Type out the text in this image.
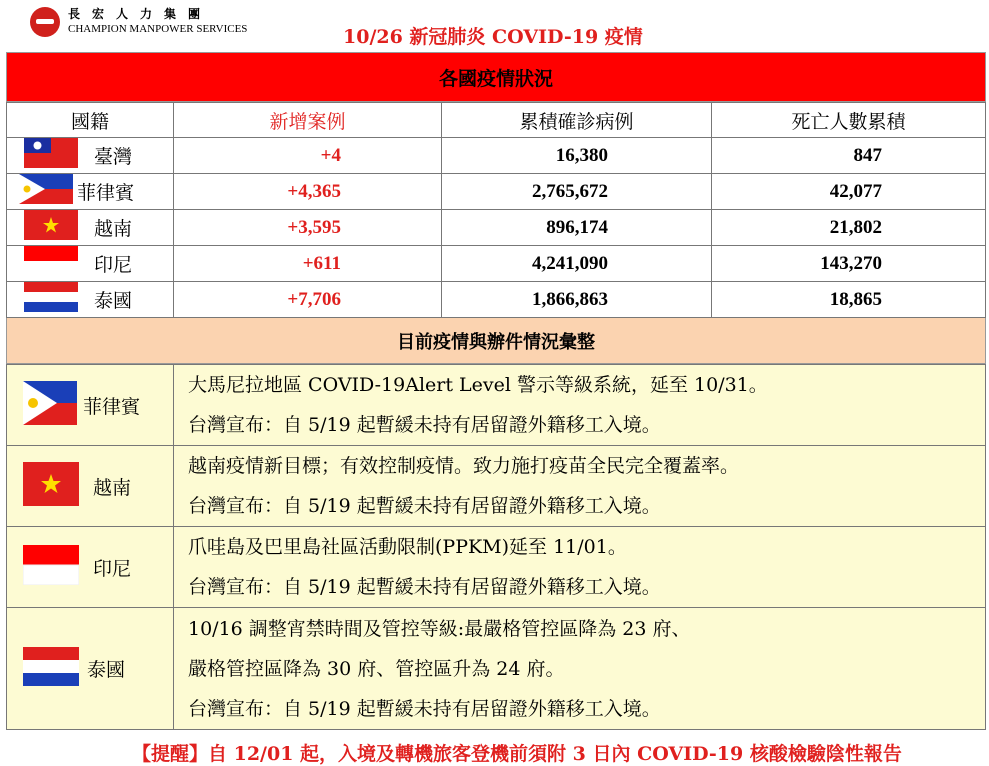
長宏人力集團
CHAMPION MANPOWER SERVICES	10/26 新冠肺炎 COVID-19 疫情
各國疫情狀況
國籍	新增案例	累積確診病例	死亡人數累積

臺灣	+4	16,380	847

菲律賓	+4,365	2,765,672	42,077

越南	+3,595	896,174	21,802

印尼	+611	4,241,090	143,270

泰國	+7,706	1,866,863	18,865
目前疫情與辦件情況彙整
菲律賓	大馬尼拉地區 COVID-19Alert Level 警示等級系統，延至 10/31。
台灣宣布：自 5/19 起暫緩未持有居留證外籍移工入境。

越南	越南疫情新目標；有效控制疫情。致力施打疫苗全民完全覆蓋率。
台灣宣布：自 5/19 起暫緩未持有居留證外籍移工入境。

印尼	爪哇島及巴里島社區活動限制(PPKM)延至 11/01。
台灣宣布：自 5/19 起暫緩未持有居留證外籍移工入境。

泰國	10/16 調整宵禁時間及管控等級:最嚴格管控區降為 23 府、
嚴格管控區降為 30 府、管控區升為 24 府。
台灣宣布：自 5/19 起暫緩未持有居留證外籍移工入境。
【提醒】自 12/01 起，入境及轉機旅客登機前須附 3 日內 COVID-19 核酸檢驗陰性報告
